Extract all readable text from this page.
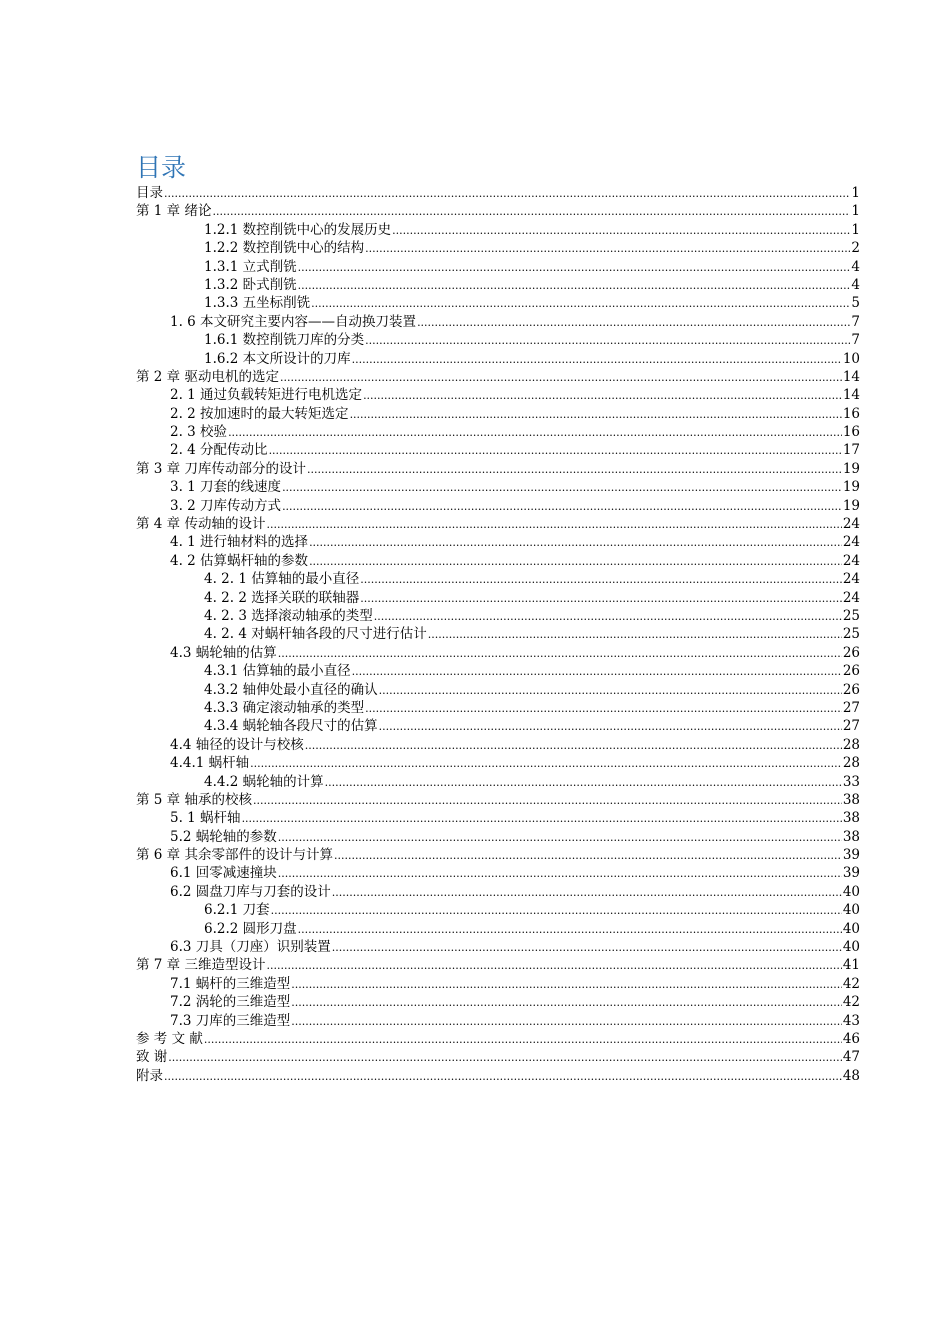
目录
目录 .....	1
第 1 章 绪论 .....	1
1.2.1 数控削铣中心的发展历史 .....	1
1.2.2 数控削铣中心的结构 .....	2
1.3.1 立式削铣 .....	4
1.3.2 卧式削铣 .....	4
1.3.3 五坐标削铣 .....	5
1. 6 本文研究主要内容——自动换刀装置 .....	7
1.6.1 数控削铣刀库的分类 .....	7
1.6.2 本文所设计的刀库 .....	10
第 2 章 驱动电机的选定 .....	14
2. 1 通过负载转矩进行电机选定 .....	14
2. 2 按加速时的最大转矩选定 .....	16
2. 3 校验 .....	16
2. 4 分配传动比 .....	17
第 3 章 刀库传动部分的设计 .....	19
3. 1 刀套的线速度 .....	19
3. 2 刀库传动方式 .....	19
第 4 章 传动轴的设计 .....	24
4. 1 进行轴材料的选择 .....	24
4. 2 估算蜗杆轴的参数 .....	24
4. 2. 1 估算轴的最小直径 .....	24
4. 2. 2 选择关联的联轴器 .....	24
4. 2. 3 选择滚动轴承的类型 .....	25
4. 2. 4 对蜗杆轴各段的尺寸进行估计 .....	25
4.3 蜗轮轴的估算 .....	26
4.3.1 估算轴的最小直径 .....	26
4.3.2 轴伸处最小直径的确认 .....	26
4.3.3 确定滚动轴承的类型 .....	27
4.3.4 蜗轮轴各段尺寸的估算 .....	27
4.4 轴径的设计与校核 .....	28
4.4.1 蜗杆轴 .....	28
4.4.2 蜗轮轴的计算 .....	33
第 5 章 轴承的校核 .....	38
5. 1 蜗杆轴 .....	38
5.2 蜗轮轴的参数 .....	38
第 6 章 其余零部件的设计与计算 .....	39
6.1 回零减速撞块 .....	39
6.2 圆盘刀库与刀套的设计 .....	40
6.2.1 刀套 .....	40
6.2.2 圆形刀盘 .....	40
6.3 刀具（刀座）识别装置 .....	40
第 7 章 三维造型设计 .....	41
7.1 蜗杆的三维造型 .....	42
7.2 涡轮的三维造型 .....	42
7.3 刀库的三维造型 .....	43
参 考 文 献 .....	46
致 谢 .....	47
附录 .....	48
